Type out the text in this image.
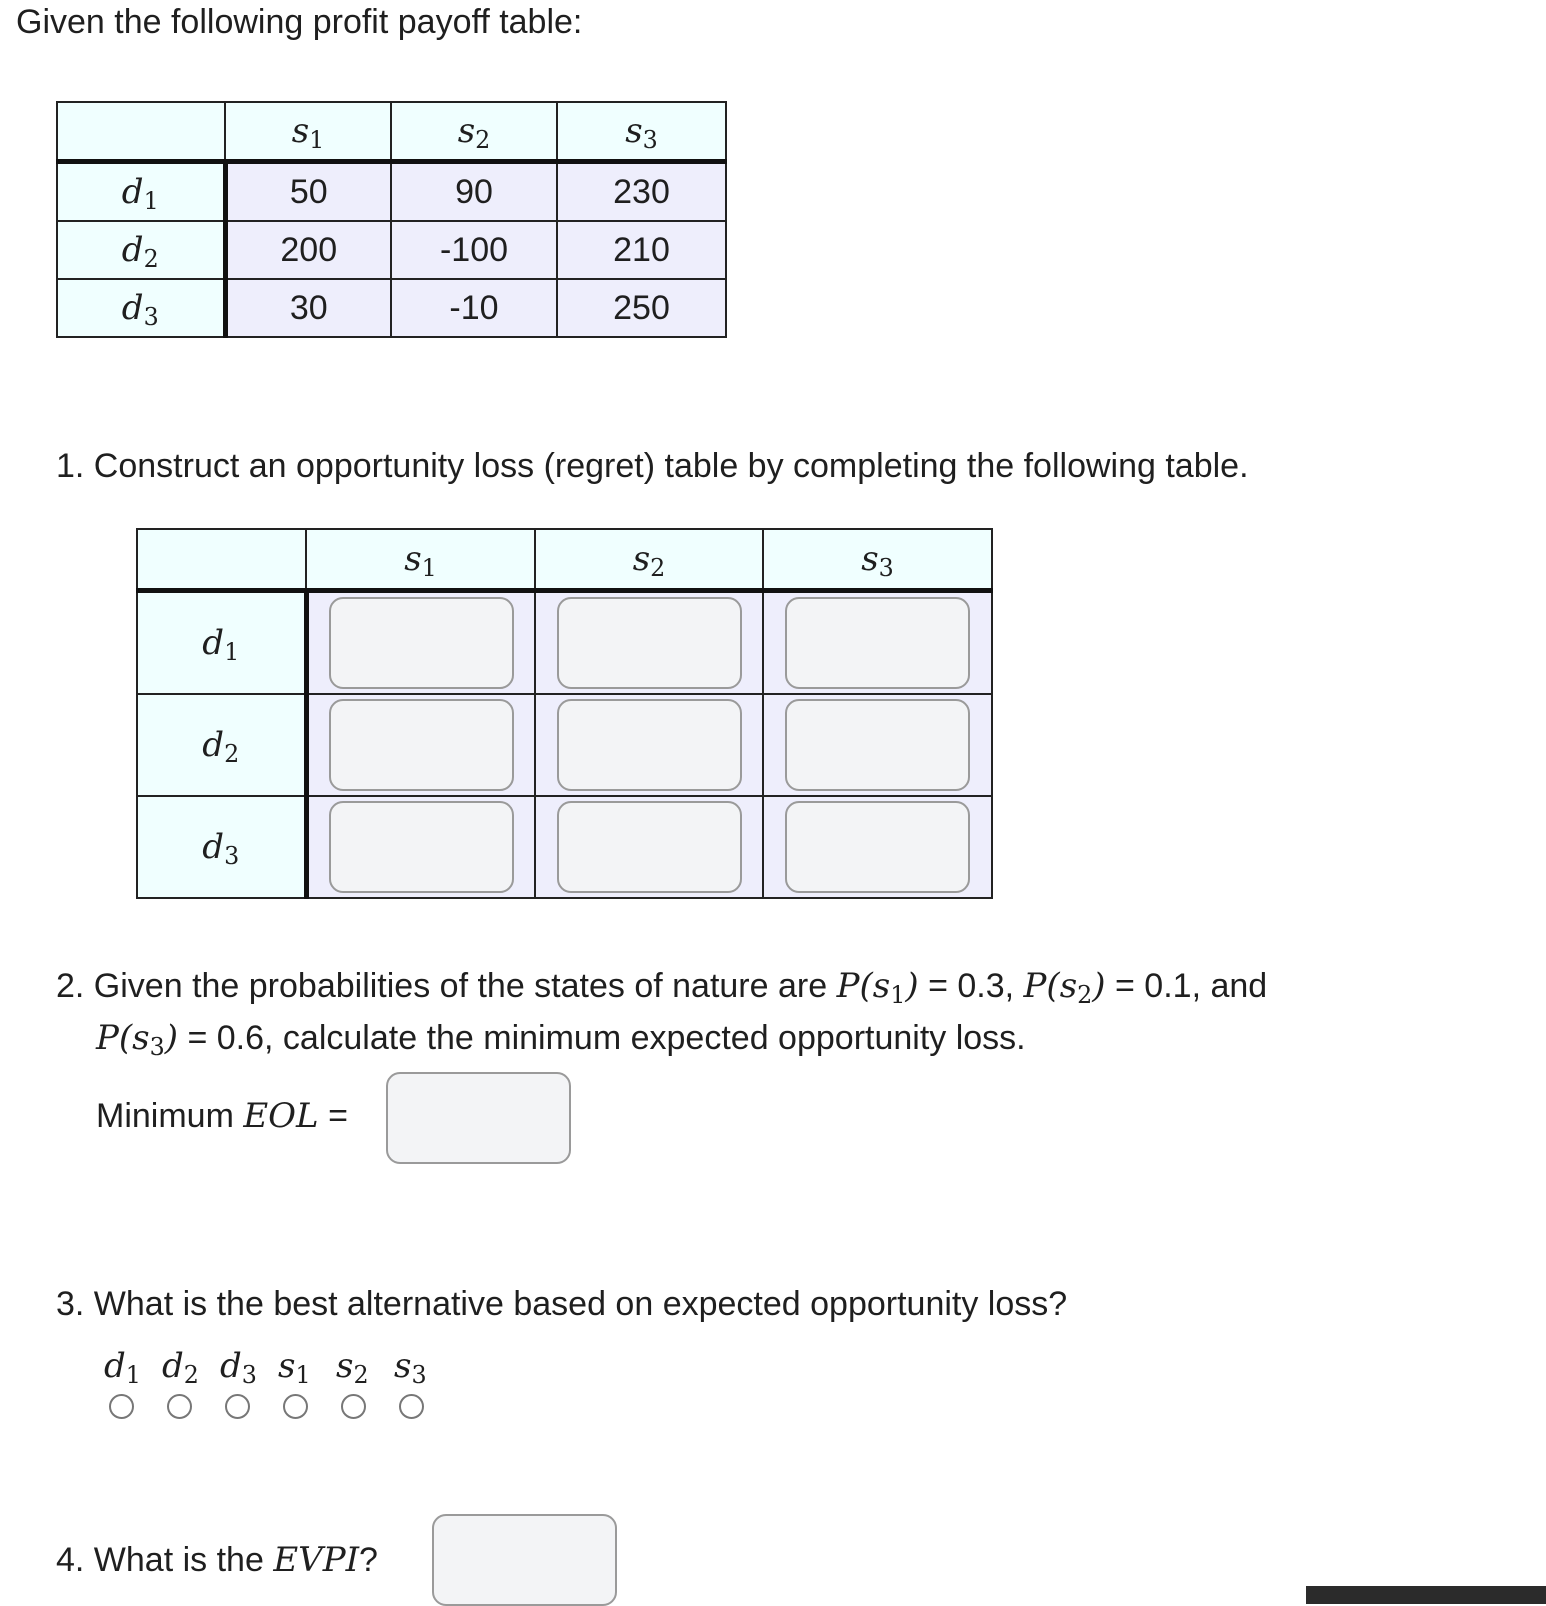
Given the following profit payoff table:

	$s_1$	$s_2$	$s_3$
$d_1$	50	90	230
$d_2$	200	-100	210
$d_3$	30	-10	250

1. Construct an opportunity loss (regret) table by completing the following table.

	$s_1$	$s_2$	$s_3$
$d_1$	

$d_2$	

$d_3$	

2. Given the probabilities of the states of nature are $P(s_1) = 0.3$, $P(s_2) = 0.1$, and

$P(s_3) = 0.6$, calculate the minimum expected opportunity loss.

Minimum EOL =

3. What is the best alternative based on expected opportunity loss?

$d_1$ $d_2$ $d_3$ $s_1$ $s_2$ $s_3$

4. What is the EVPI?
